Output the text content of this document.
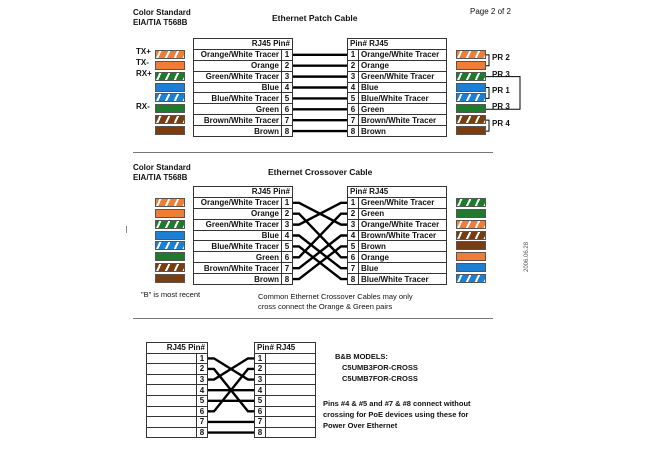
Color Standard
EIA/TIA T568B	Ethernet Patch Cable
Page 2 of 2
RJ45 Pin#	
Orange/White Tracer	1
Orange	2
Green/White Tracer	3
Blue	4
Blue/White Tracer	5
Green	6
Brown/White Tracer	7
Brown	8
Pin# RJ45	
1	Orange/White Tracer
2	Orange
3	Green/White Tracer
4	Blue
5	Blue/White Tracer
6	Green
7	Brown/White Tracer
8	Brown
TX+
TX-
RX+
RX-
PR 2
PR 3
PR 1
PR 3
PR 4
Color Standard
EIA/TIA T568B
Ethernet Crossover Cable
RJ45 Pin#	
Orange/White Tracer	1
Orange	2
Green/White Tracer	3
Blue	4
Blue/White Tracer	5
Green	6
Brown/White Tracer	7
Brown	8
Pin# RJ45	
1	Green/White Tracer
2	Green
3	Orange/White Tracer
4	Brown/White Tracer
5	Brown
6	Orange
7	Blue
8	Blue/White Tracer
"B" is most recent	Common Ethernet Crossover Cables may only
cross connect the Orange & Green pairs
2006.06.28
RJ45 Pin#	
	1
	2
	3
	4
	5
	6
	7
	8
Pin# RJ45	
1	
2	
3	
4	
5	
6	
7	
8	
B&B MODELS:
C5UMB3FOR-CROSS
C5UMB7FOR-CROSS
Pins #4 & #5 and #7 & #8 connect without
crossing for PoE devices using these for
Power Over Ethernet
